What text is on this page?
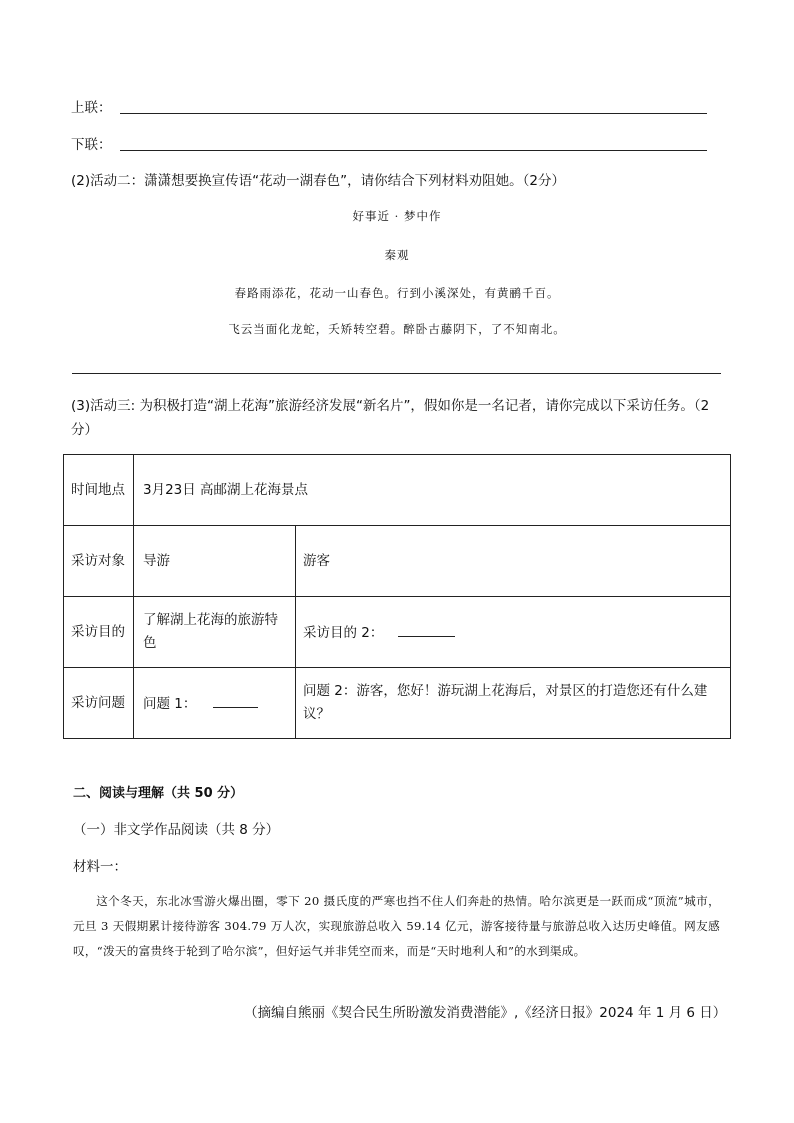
上联：
下联：
(2)活动二：潇潇想要换宣传语“花动一湖春色”，请你结合下列材料劝阻她。（2分）
好事近 · 梦中作
秦观
春路雨添花，花动一山春色。行到小溪深处，有黄鹂千百。
飞云当面化龙蛇，夭矫转空碧。醉卧古藤阴下，了不知南北。
(3)活动三: 为积极打造“湖上花海”旅游经济发展“新名片”，假如你是一名记者，请你完成以下采访任务。（2分）
时间地点	3月23日 高邮湖上花海景点	
采访对象	导游	游客
采访目的	了解湖上花海的旅游特色	采访目的 2：
采访问题	问题 1：	问题 2：游客，您好！游玩湖上花海后，对景区的打造您还有什么建议？
二、阅读与理解（共 50 分）
（一）非文学作品阅读（共 8 分）
材料一：
这个冬天，东北冰雪游火爆出圈，零下 20 摄氏度的严寒也挡不住人们奔赴的热情。哈尔滨更是一跃而成“顶流”城市，元旦 3 天假期累计接待游客 304.79 万人次，实现旅游总收入 59.14 亿元，游客接待量与旅游总收入达历史峰值。网友感叹，“泼天的富贵终于轮到了哈尔滨”，但好运气并非凭空而来，而是“天时地利人和”的水到渠成。
（摘编自熊丽《契合民生所盼激发消费潜能》,《经济日报》2024 年 1 月 6 日）
